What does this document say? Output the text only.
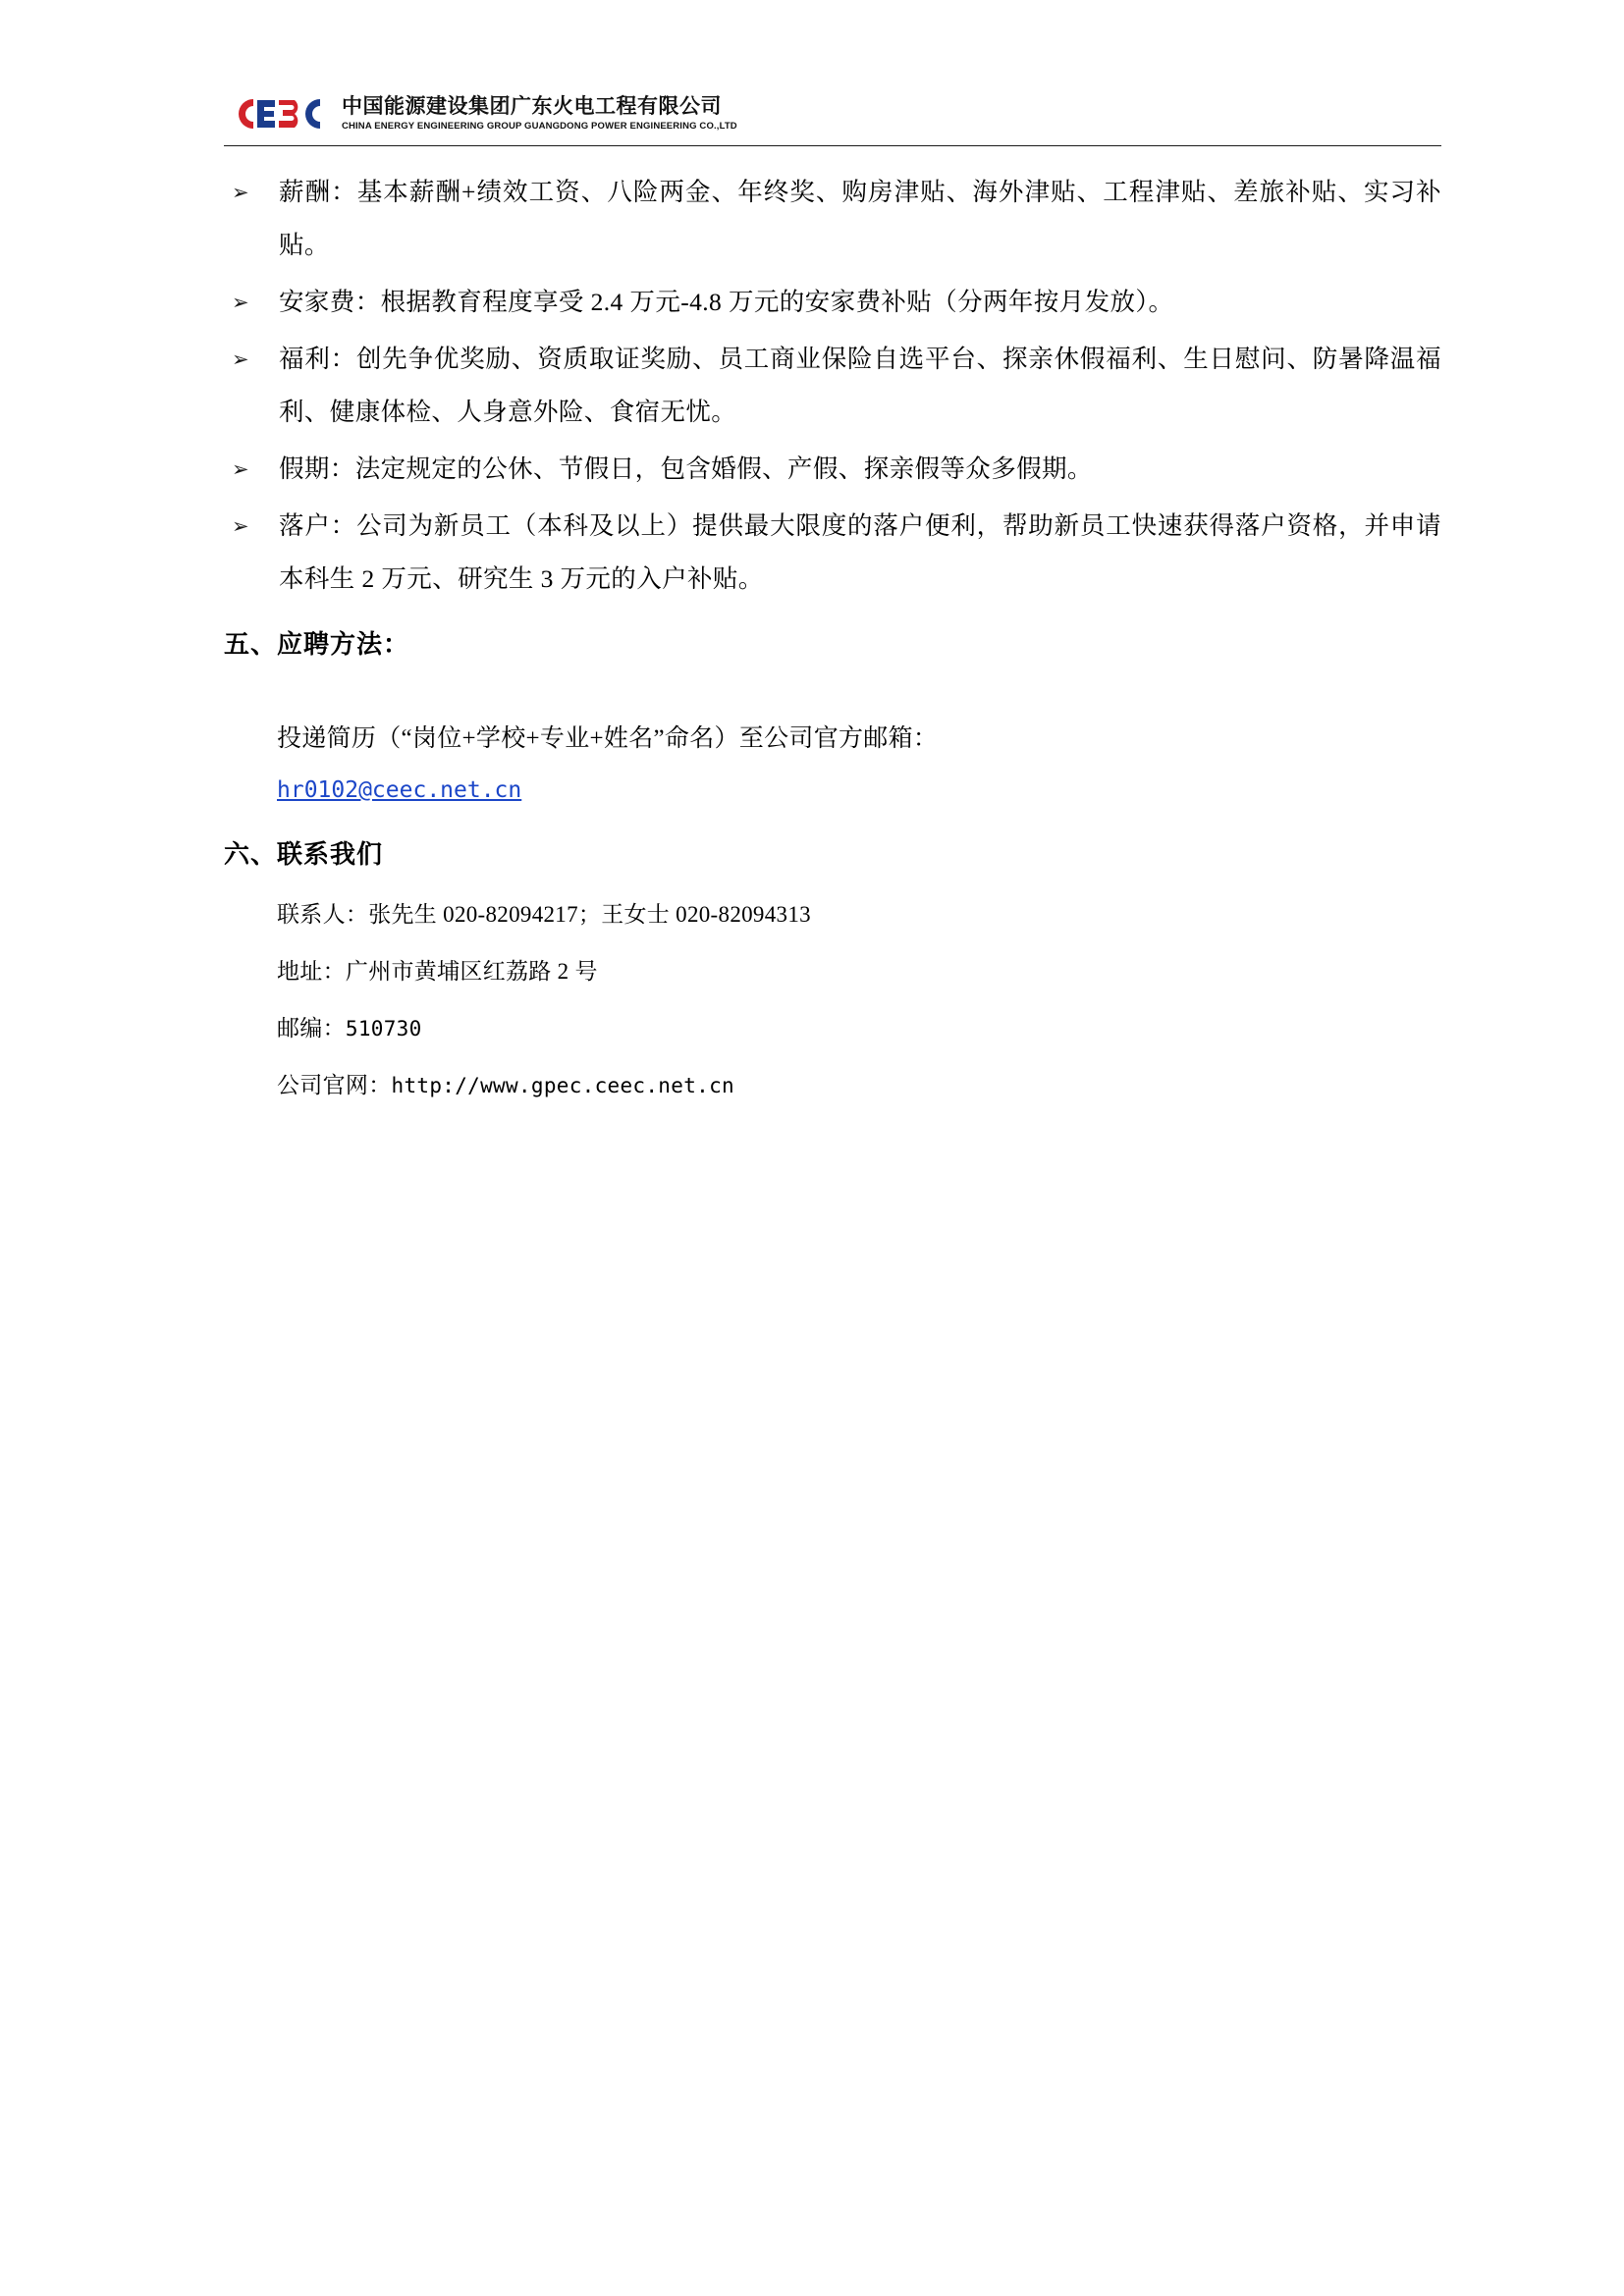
中国能源建设集团广东火电工程有限公司
CHINA ENERGY ENGINEERING GROUP GUANGDONG POWER ENGINEERING CO.,LTD
➢	薪酬：基本薪酬+绩效工资、八险两金、年终奖、购房津贴、海外津贴、工程津贴、差旅补贴、实习补贴。
➢	安家费：根据教育程度享受 2.4 万元-4.8 万元的安家费补贴（分两年按月发放）。
➢	福利：创先争优奖励、资质取证奖励、员工商业保险自选平台、探亲休假福利、生日慰问、防暑降温福利、健康体检、人身意外险、食宿无忧。
➢	假期：法定规定的公休、节假日，包含婚假、产假、探亲假等众多假期。
➢	落户：公司为新员工（本科及以上）提供最大限度的落户便利，帮助新员工快速获得落户资格，并申请本科生 2 万元、研究生 3 万元的入户补贴。
五、应聘方法：
投递简历（“岗位+学校+专业+姓名”命名）至公司官方邮箱：
hr0102@ceec.net.cn
六、联系我们
联系人：张先生 020-82094217；王女士 020-82094313
地址：广州市黄埔区红荔路 2 号
邮编：510730
公司官网：http://www.gpec.ceec.net.cn
